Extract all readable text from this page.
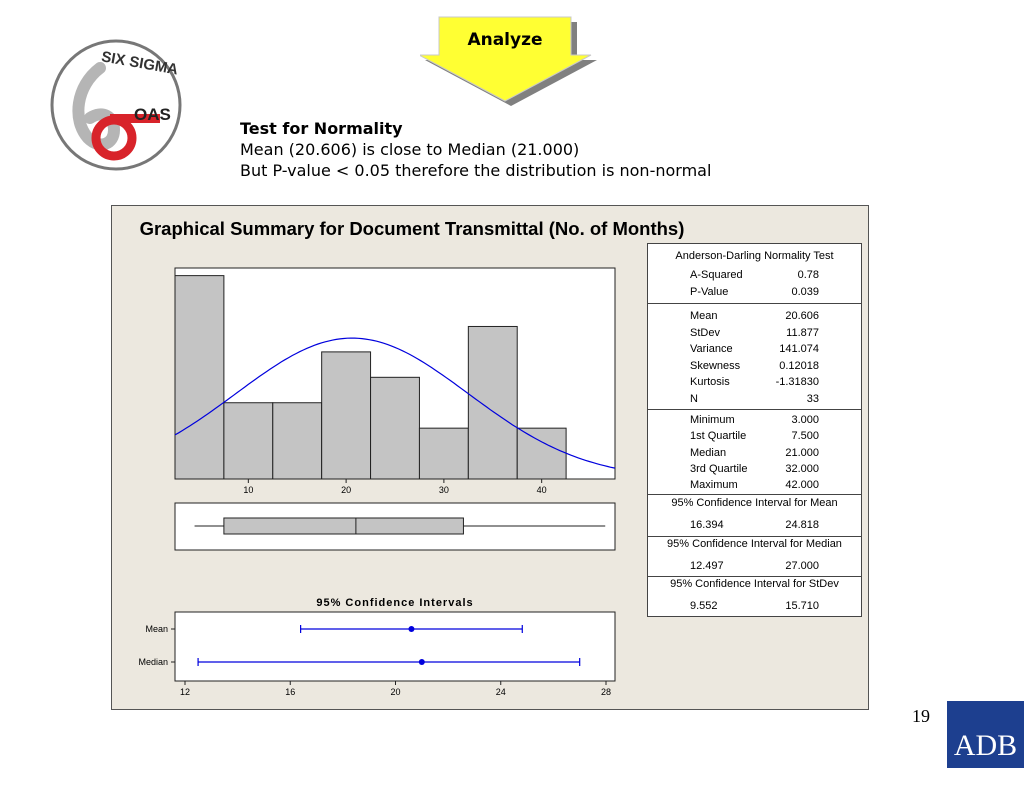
SIX SIGMA
OAS
Analyze
Test for Normality
Mean (20.606) is close to Median (21.000)
But P-value < 0.05 therefore the distribution is non-normal
Graphical Summary for Document Transmittal (No. of Months)
10	20	30	40
95% Confidence Intervals
Mean
Median
12	16	20	24	28
Anderson-Darling Normality Test
A-Squared	0.78
P-Value	0.039
Mean	20.606
StDev	11.877
Variance	141.074
Skewness	0.12018
Kurtosis	-1.31830
N	33
Minimum	3.000
1st Quartile	7.500
Median	21.000
3rd Quartile	32.000
Maximum	42.000
95% Confidence Interval for Mean
16.394	24.818
95% Confidence Interval for Median
12.497	27.000
95% Confidence Interval for StDev
9.552	15.710
19
ADB
